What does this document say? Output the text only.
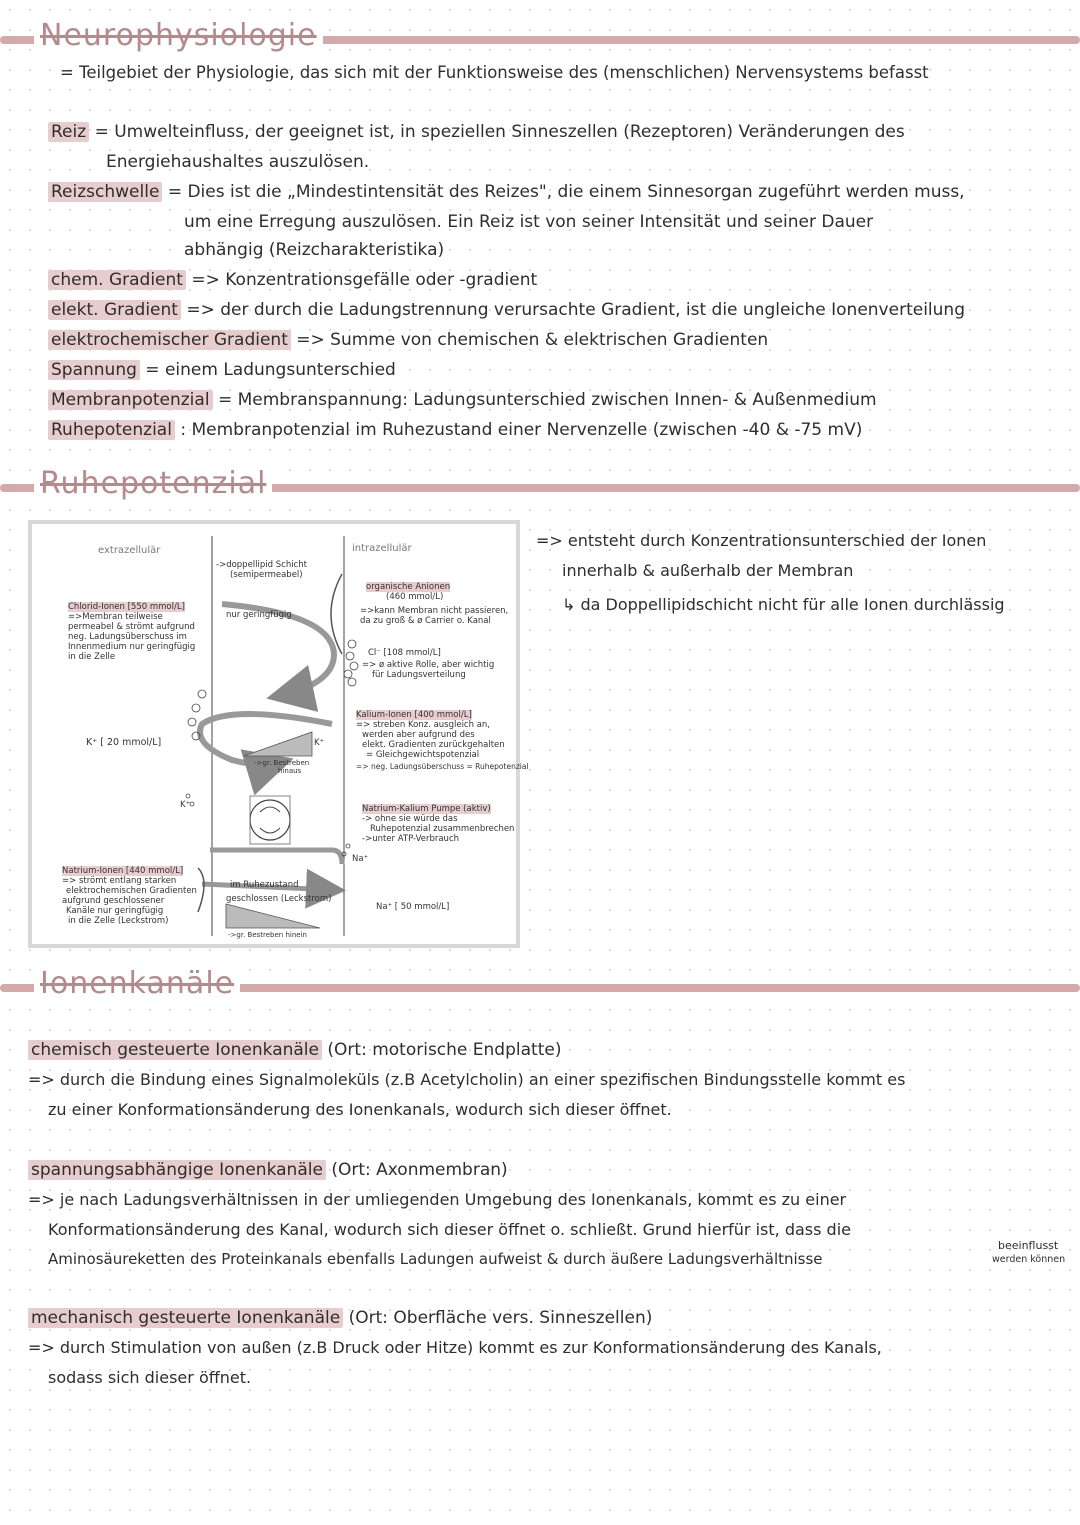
Neurophysiologie
= Teilgebiet der Physiologie, das sich mit der Funktionsweise des (menschlichen) Nervensystems befasst
Reiz = Umwelteinfluss, der geeignet ist, in speziellen Sinneszellen (Rezeptoren) Veränderungen des
Energiehaushaltes auszulösen.
Reizschwelle = Dies ist die „Mindestintensität des Reizes", die einem Sinnesorgan zugeführt werden muss,
um eine Erregung auszulösen. Ein Reiz ist von seiner Intensität und seiner Dauer
abhängig (Reizcharakteristika)
chem. Gradient => Konzentrationsgefälle oder -gradient
elekt. Gradient => der durch die Ladungstrennung verursachte Gradient, ist die ungleiche Ionenverteilung
elektrochemischer Gradient => Summe von chemischen & elektrischen Gradienten
Spannung = einem Ladungsunterschied
Membranpotenzial = Membranspannung: Ladungsunterschied zwischen Innen- & Außenmedium
Ruhepotenzial : Membranpotenzial im Ruhezustand einer Nervenzelle (zwischen -40 & -75 mV)
Ruhepotenzial
extrazellulär	intrazellulär
->doppellipid Schicht
(semipermeabel)
Chlorid-Ionen [550 mmol/L]
=>Membran teilweise
permeabel & strömt aufgrund
neg. Ladungsüberschuss im
Innenmedium nur geringfügig
in die Zelle
nur geringfügig
organische Anionen
(460 mmol/L)
=>kann Membran nicht passieren,
da zu groß & ø Carrier o. Kanal
Cl⁻ [108 mmol/L]
=> ø aktive Rolle, aber wichtig
für Ladungsverteilung
K⁺ [ 20 mmol/L]	K⁺
K⁺
->gr. Bestreben
hinaus
Kalium-Ionen [400 mmol/L]
=> streben Konz. ausgleich an,
werden aber aufgrund des
elekt. Gradienten zurückgehalten
= Gleichgewichtspotenzial
=> neg. Ladungsüberschuss = Ruhepotenzial
Natrium-Kalium Pumpe (aktiv)
-> ohne sie würde das
Ruhepotenzial zusammenbrechen
->unter ATP-Verbrauch
Na⁺
Natrium-Ionen [440 mmol/L]
=> strömt entlang starken
elektrochemischen Gradienten
aufgrund geschlossener
Kanäle nur geringfügig
in die Zelle (Leckstrom)
im Ruhezustand
geschlossen (Leckstrom)
->gr. Bestreben hinein
Na⁺ [ 50 mmol/L]
=> entsteht durch Konzentrationsunterschied der Ionen
innerhalb & außerhalb der Membran
↳ da Doppellipidschicht nicht für alle Ionen durchlässig
Ionenkanäle
chemisch gesteuerte Ionenkanäle (Ort: motorische Endplatte)
=> durch die Bindung eines Signalmoleküls (z.B Acetylcholin) an einer spezifischen Bindungsstelle kommt es
zu einer Konformationsänderung des Ionenkanals, wodurch sich dieser öffnet.
spannungsabhängige Ionenkanäle (Ort: Axonmembran)
=> je nach Ladungsverhältnissen in der umliegenden Umgebung des Ionenkanals, kommt es zu einer
Konformationsänderung des Kanal, wodurch sich dieser öffnet o. schließt. Grund hierfür ist, dass die
Aminosäureketten des Proteinkanals ebenfalls Ladungen aufweist & durch äußere Ladungsverhältnisse
beeinflusst
werden können
mechanisch gesteuerte Ionenkanäle (Ort: Oberfläche vers. Sinneszellen)
=> durch Stimulation von außen (z.B Druck oder Hitze) kommt es zur Konformationsänderung des Kanals,
sodass sich dieser öffnet.
